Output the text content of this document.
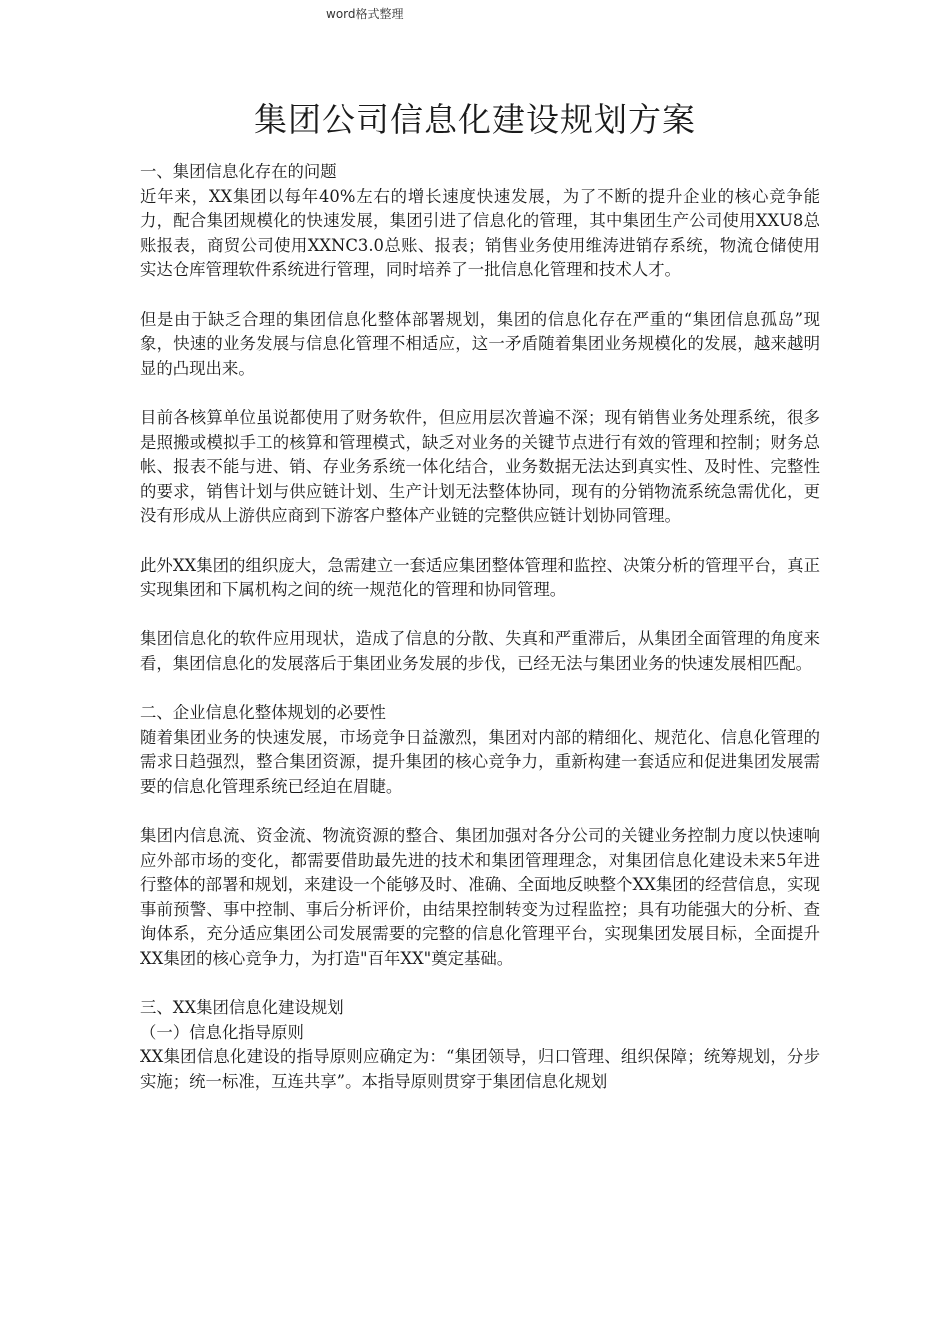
word格式整理
集团公司信息化建设规划方案
一、集团信息化存在的问题

近年来，XX集团以每年40%左右的增长速度快速发展，为了不断的提升企业的核心竞争能力，配合集团规模化的快速发展，集团引进了信息化的管理，其中集团生产公司使用XXU8总账报表，商贸公司使用XXNC3.0总账、报表；销售业务使用维涛进销存系统，物流仓储使用实达仓库管理软件系统进行管理，同时培养了一批信息化管理和技术人才。

但是由于缺乏合理的集团信息化整体部署规划，集团的信息化存在严重的“集团信息孤岛”现象，快速的业务发展与信息化管理不相适应，这一矛盾随着集团业务规模化的发展，越来越明显的凸现出来。

目前各核算单位虽说都使用了财务软件，但应用层次普遍不深；现有销售业务处理系统，很多是照搬或模拟手工的核算和管理模式，缺乏对业务的关键节点进行有效的管理和控制；财务总帐、报表不能与进、销、存业务系统一体化结合，业务数据无法达到真实性、及时性、完整性的要求，销售计划与供应链计划、生产计划无法整体协同，现有的分销物流系统急需优化，更没有形成从上游供应商到下游客户整体产业链的完整供应链计划协同管理。

此外XX集团的组织庞大，急需建立一套适应集团整体管理和监控、决策分析的管理平台，真正实现集团和下属机构之间的统一规范化的管理和协同管理。

集团信息化的软件应用现状，造成了信息的分散、失真和严重滞后，从集团全面管理的角度来看，集团信息化的发展落后于集团业务发展的步伐，已经无法与集团业务的快速发展相匹配。

二、企业信息化整体规划的必要性

随着集团业务的快速发展，市场竞争日益激烈，集团对内部的精细化、规范化、信息化管理的需求日趋强烈，整合集团资源，提升集团的核心竞争力，重新构建一套适应和促进集团发展需要的信息化管理系统已经迫在眉睫。

集团内信息流、资金流、物流资源的整合、集团加强对各分公司的关键业务控制力度以快速响应外部市场的变化，都需要借助最先进的技术和集团管理理念，对集团信息化建设未来5年进行整体的部署和规划，来建设一个能够及时、准确、全面地反映整个XX集团的经营信息，实现事前预警、事中控制、事后分析评价，由结果控制转变为过程监控；具有功能强大的分析、查询体系，充分适应集团公司发展需要的完整的信息化管理平台，实现集团发展目标，全面提升XX集团的核心竞争力，为打造"百年XX"奠定基础。

三、XX集团信息化建设规划
（一）信息化指导原则

XX集团信息化建设的指导原则应确定为：“集团领导，归口管理、组织保障；统筹规划，分步实施；统一标准，互连共享”。本指导原则贯穿于集团信息化规划
